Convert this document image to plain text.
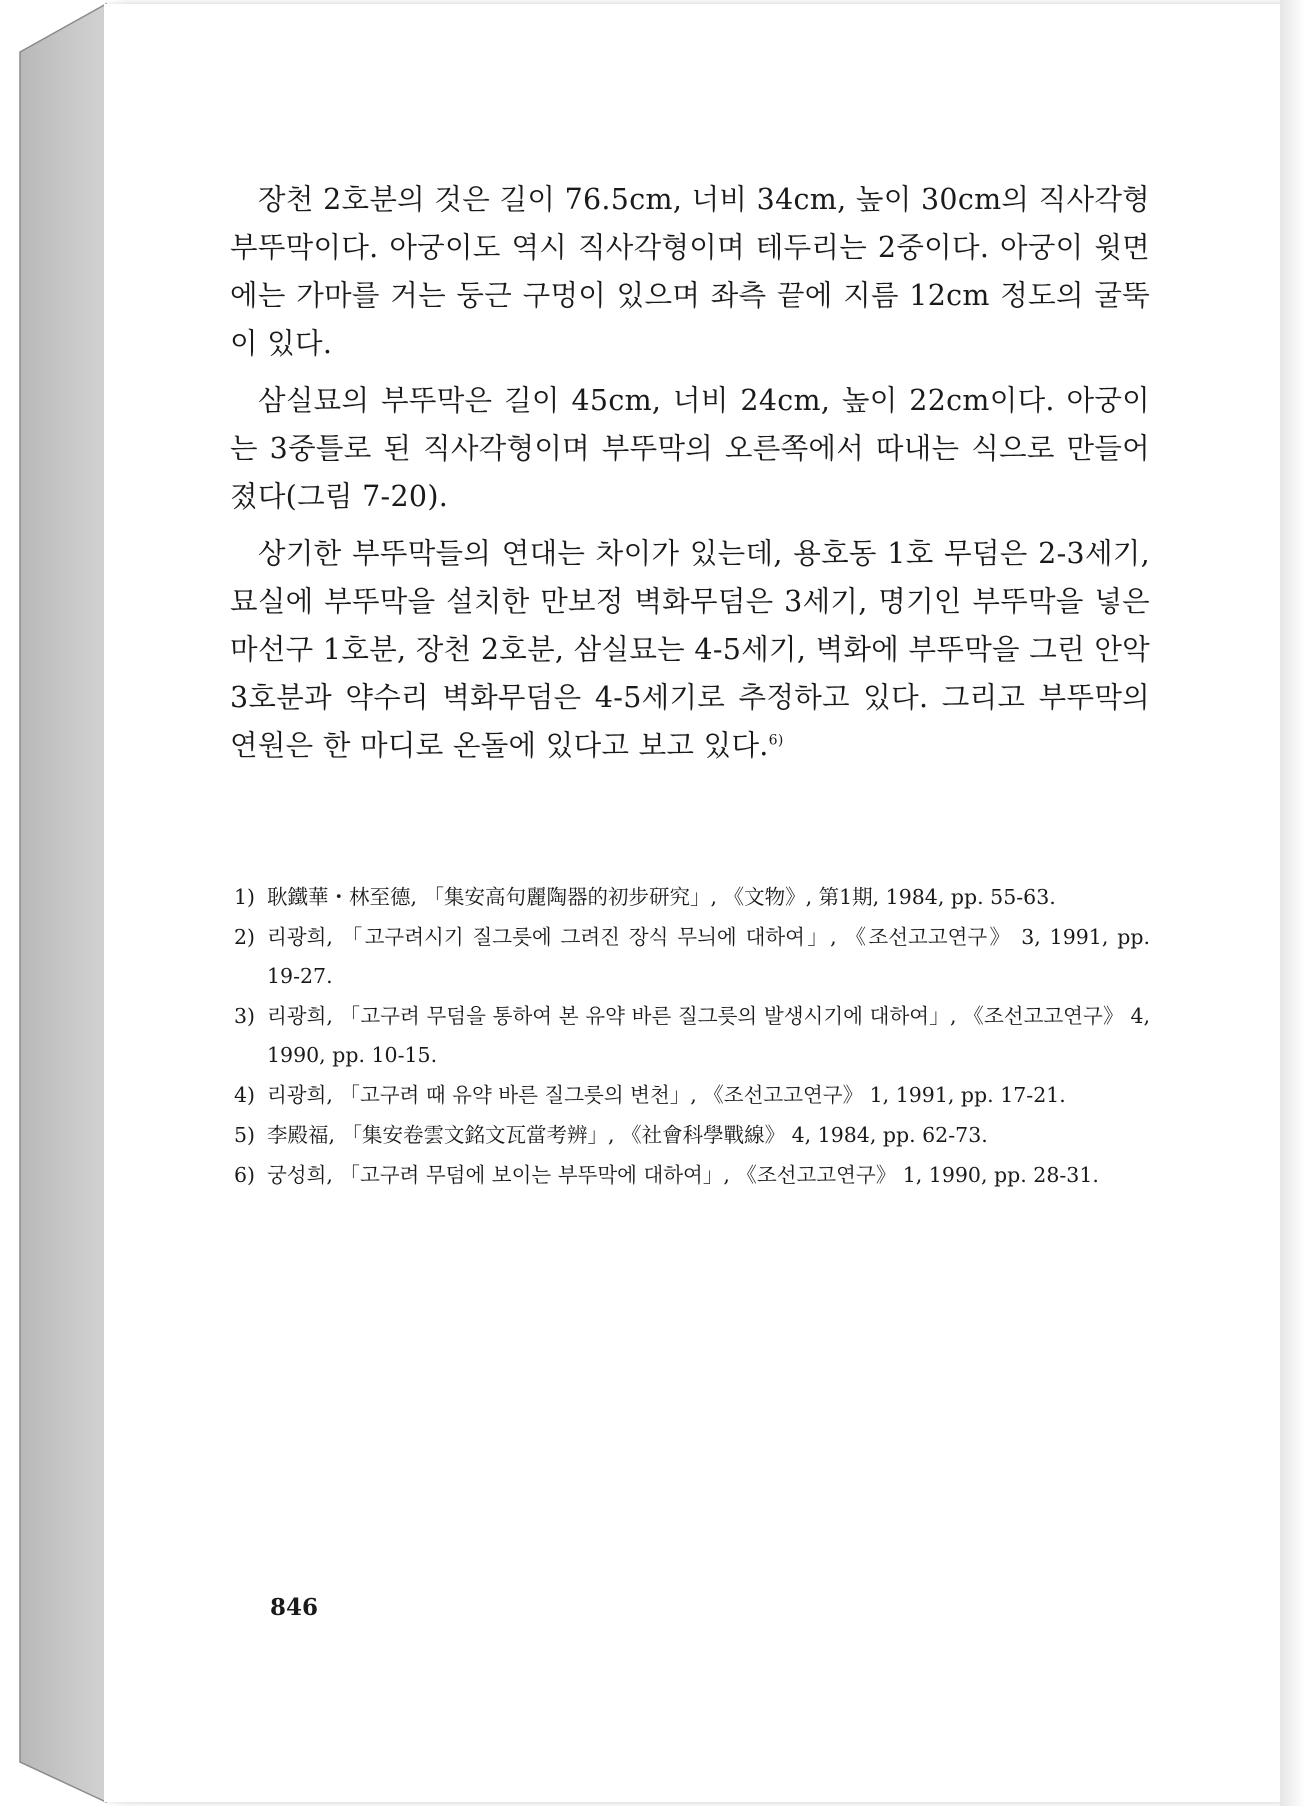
장천 2호분의 것은 길이 76.5cm, 너비 34cm, 높이 30cm의 직사각형 부뚜막이다. 아궁이도 역시 직사각형이며 테두리는 2중이다. 아궁이 윗면에는 가마를 거는 둥근 구멍이 있으며 좌측 끝에 지름 12cm 정도의 굴뚝이 있다.

삼실묘의 부뚜막은 길이 45cm, 너비 24cm, 높이 22cm이다. 아궁이는 3중틀로 된 직사각형이며 부뚜막의 오른쪽에서 따내는 식으로 만들어졌다(그림 7-20).

상기한 부뚜막들의 연대는 차이가 있는데, 용호동 1호 무덤은 2-3세기, 묘실에 부뚜막을 설치한 만보정 벽화무덤은 3세기, 명기인 부뚜막을 넣은 마선구 1호분, 장천 2호분, 삼실묘는 4-5세기, 벽화에 부뚜막을 그린 안악 3호분과 약수리 벽화무덤은 4-5세기로 추정하고 있다. 그리고 부뚜막의 연원은 한 마디로 온돌에 있다고 보고 있다.$^{6)}$

1) 耿鐵華・林至德, 「集安高句麗陶器的初步研究」, 《文物》, 第1期, 1984, pp. 55-63.
2) 리광희, 「고구려시기 질그릇에 그려진 장식 무늬에 대하여」, 《조선고고연구》 3, 1991, pp. 19-27.
3) 리광희, 「고구려 무덤을 통하여 본 유약 바른 질그릇의 발생시기에 대하여」, 《조선고고연구》 4, 1990, pp. 10-15.
4) 리광희, 「고구려 때 유약 바른 질그릇의 변천」, 《조선고고연구》 1, 1991, pp. 17-21.
5) 李殿福, 「集安卷雲文銘文瓦當考辨」, 《社會科學戰線》 4, 1984, pp. 62-73.
6) 궁성희, 「고구려 무덤에 보이는 부뚜막에 대하여」, 《조선고고연구》 1, 1990, pp. 28-31.
846
